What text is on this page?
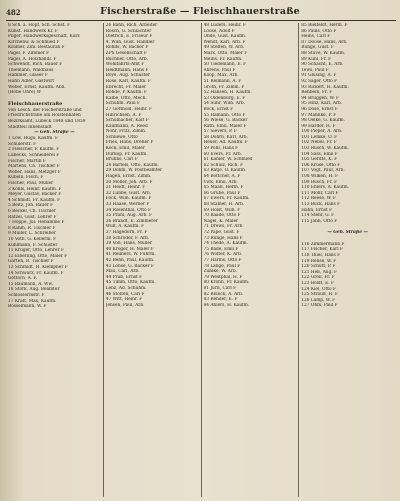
482	Fischerstraße — Fleischhauerstraße
8 Sch. a. Hopf, Sch. Schst. F
Kunst. Handwerk Kr. F
Pilger, Handwerksgeschäft, Kurz
Kirchenw. & Schmied F
Kramer, Zim. Bestauran F
Pagel, F. Zimmer F
Pagel, A. Holzhandl. F
Schwendt, Rich. Bauer F
Thiemann, Waldhaus
Hammer, Glaser F
Hähn Adler, Gastwirt
Weber, Ernst, Kaufm. Abh.
(Hohe Ohre) W

Fleischhauerstraße
Von Lesch. der Fischerstraße und
Friedrichstraße am Holstenhafen
Bezirksamt, Lübeck 1848 und 1859
Stadtteil Innenstadt
— Geh. Straße —
1 Löw, Hugo, Kaufm. F
Schülerstr. F
2 Fleischer, P. Kaufm. F
Lübecks, Schneiderei F
Fischer, Martin F
Martens, Ch. Tischler F
Weber, Hans, Metzger F
Kübeln, Fisch. F
Fischer, Paul, Müller
3 Kohls, Heinr. Kaufm. F
Meyer, Gustav, Bäcker F
4 Schmidt, Fr. Kaufm. F
5 Beitz, Joh. Bauer F
6 Beckel, Ch. Tischler
Rätzel, Gust. Lehrer F
7 Hoppe, Jul. Hebamme F
8 Rahm, R. Tischler F
9 Müller, L. Schreiber
10 Voth, G. Kellerm. F
Kuhlmann, F. Schuster
11 Krüger, Otto, Lehrer F
12 Elberling, Otto, Maler F
Garten, B. Tischler F
13 Schmidt, H. Klempner F
14 Schwarz, Fr. Kaufm. F
Gottsch, A. F.
15 Baumann, A. Ww.
16 Stork, Aug. Beamter
Schlossermstr. F
17 Kraft, Max, Kaufm.
Bosselmann, W. F
26 Bahn, Rich. Arbeiter
Rösch, G. Schlachter
Dietrich, E. Friseur F
4. Wuh. Gust. Händler
Rohlfs, W. Bäcker F
ZPS Gesellschaft F
Büchner, Otto, Arb.
Wohlfahrts-Amt F
Heidtmann, Hans F
Boye, Aug. Schuster
Rose, Karl, Kaufm. F
Ebrecht, Fr. Maler
Rohde, P. Kaufm. F
Kalbe, Otto, Mech.
Schuhm. Paul F
27 Gotthold, Heinr. F
Hinrichsen, A. F
Schumacher, Karl F
Kaufmann, A. Reed
Nohr, Fritz, Zimm.
Schliewe, Otto
Fries, Hans, Dreher F
Kock, Emil, Maler
Dürkop, Fr. Kaufm.
Bruhns, Carl F
28 Bartels, Otto, Kaufm.
29 Dohm, W. Postbeamter
Hagen, Ernst, Zimm.
30 Möller, Joh. Arb. F
31 Heidt, Heinr. F
32 Lübbe, Gust. Arb.
Fock, Wilh. Kaufm. F
33 Haase, Werner F
34 Rosenthal, Otto F
35 Prahl, Aug. Arb. F
36 Brandt, E. Zimmerer
Wulf, A. Kaufm. F
37 Hagedorn, Fr. F
38 Schröder, F. Arb.
39 Voß, Hans, Müller
40 Kröger, H. Maler F
41 Reimers, W. Fuhrm.
42 Behn, Paul, Kaufm.
43 Lohse, G. Bäcker F
Mau, Carl, Arb.
44 Prüß, Ernst F
45 Timm, Otto, Kaufm.
Lenz, Ad. Schuhm.
46 Stolten, Carl F
47 Witt, Heinr. F
Jensen, Paul, Arb.
48 Lüders, Heinr. F
Loose, Adolf F
Ohde, Gust. Kaufm.
Wendt, Karl, Arb. F
49 Steffen, W. Arb.
Marx, Otto, Maler F
Meins, Fr. Kaufm.
50 Tiedemann, E. F
Ahrens, Paul F
Koop, Max, Arb.
51 Reimann, A. F
Groth, Fr. Zimm. F
52 Hansen, H. Kaufm.
53 Oldenburg, E. F
54 Suhr, Wilh. Arb.
Bock, Ernst F
55 Hamann, Otto F
56 Wiese, G. Bäcker
Rath, Emil, Maler F
57 Sievers, P. F
58 Dohrn, Karl, Arb.
Heuer, Ad. Kaufm. F
59 Pohl, Hans F
60 Evers, Fr. Arb.
61 Kähler, W. Schmied
62 Schulz, Rich. F
63 Ratje, O. Kaufm.
64 Böttcher, A. F
Vick, Emil, Arb.
65 Maaß, Herm. F
66 Grube, Paul F
67 Ewers, Fr. Kaufm.
68 Stamer, H. Arb.
69 Holst, Wilh. F
70 Baade, Otto F
Nagel, K. Maler
71 Drews, Fr. Arb.
72 Pape, Gust. F
73 Runge, Hans F
74 Thede, A. Kaufm.
75 Bade, Emil F
76 Wolter, K. Arb.
77 Harms, Otto F
78 Lange, Paul F
Zühlke, W. Arb.
79 Westphal, H. F
80 Krohn, Fr. Kaufm.
81 Jürß, Carl F
82 Blunck, A. Arb.
83 Rehder, E. F
84 Ahlers, H. Kaufm.
85 Bielfeldt, Herm. F
86 Pauls, Otto F
Heins, Carl F
87 Doose, Hans, Arb.
Runge, Gust. F
88 Stüve, W. Kaufm.
89 Kühl, Fr. F
90 Schacht, E. Arb.
Tews, Paul F
91 Glüsing, A. F
92 Sager, Otto F
93 Rickert, H. Kaufm.
Rehbein, Fr. F
94 Brüggen, W. F
95 Hinz, Karl, Arb.
96 Dose, Ernst F
97 Mahnke, P. F
98 Oelke, G. Kaufm.
99 Harder, H. F
100 Pieper, A. Arb.
101 Lemke, O. F
102 Nebel, Fr. F
103 Rusch, W. Kaufm.
104 Sass, Emil F
105 Gerdts, K. F
106 Kruse, Otto F
107 Vogt, Paul, Arb.
108 Wilken, H. F
109 Busch, Fr. F
110 Ehlers, A. Kaufm.
111 Mohr, Carl F
112 Reese, W. F
113 Buck, Hans F
Hahn, Ernst F
114 Stehr, G. F
115 Jahn, Otto F

— Geh. Straße —

116 Zimmermann F
117 Fischer, Karl F
118 Thiel, Hans F
119 Rehse, W. F
120 Schütt, P. F
121 Heß, Aug. F
122 Grell, Fr. F
123 Boldt, E. F
124 Kiel, Otto F
125 Strauß, H. F
126 Lamp, W. F
127 Ohm, Paul F
